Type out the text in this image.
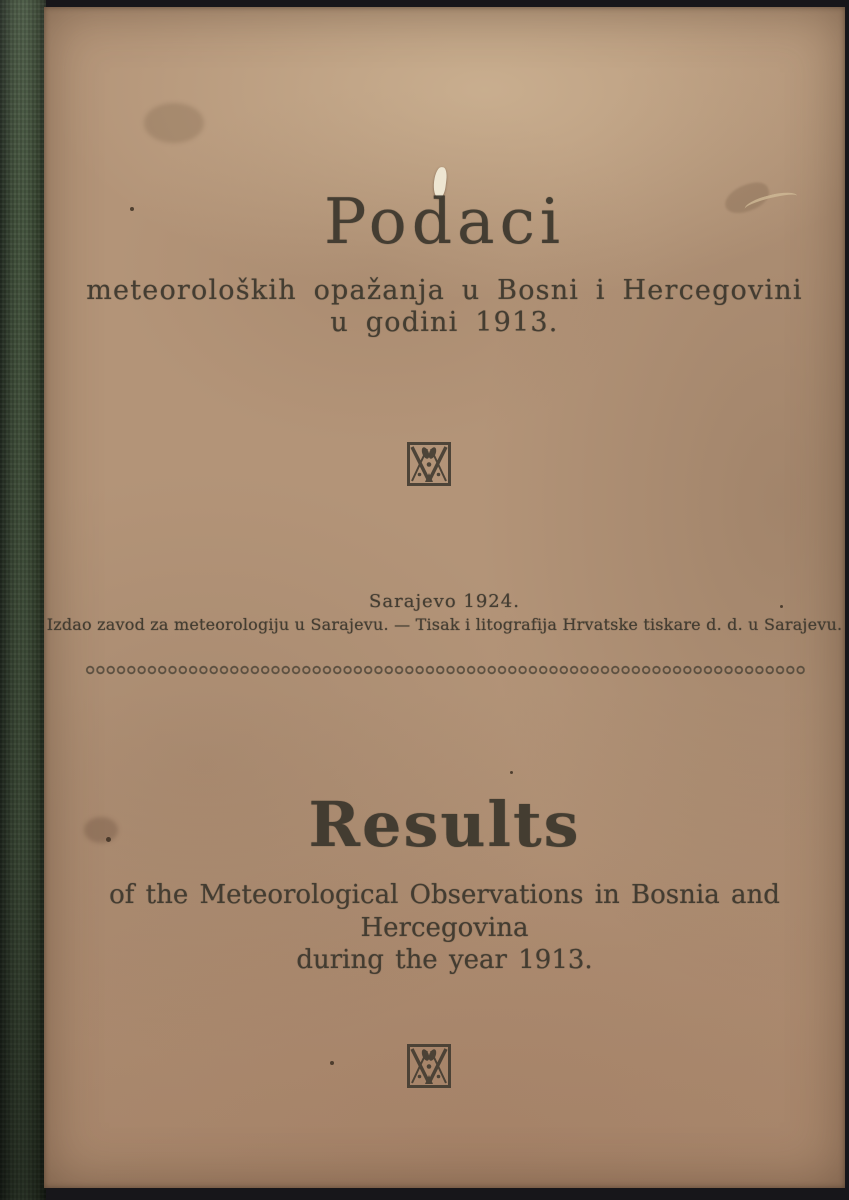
Podaci
meteoroloških opažanja u Bosni i Hercegovini
u godini 1913.
Sarajevo 1924.
Izdao zavod za meteorologiju u Sarajevu. — Tisak i litografija Hrvatske tiskare d. d. u Sarajevu.
Results
of the Meteorological Observations in Bosnia and Hercegovina
during the year 1913.
